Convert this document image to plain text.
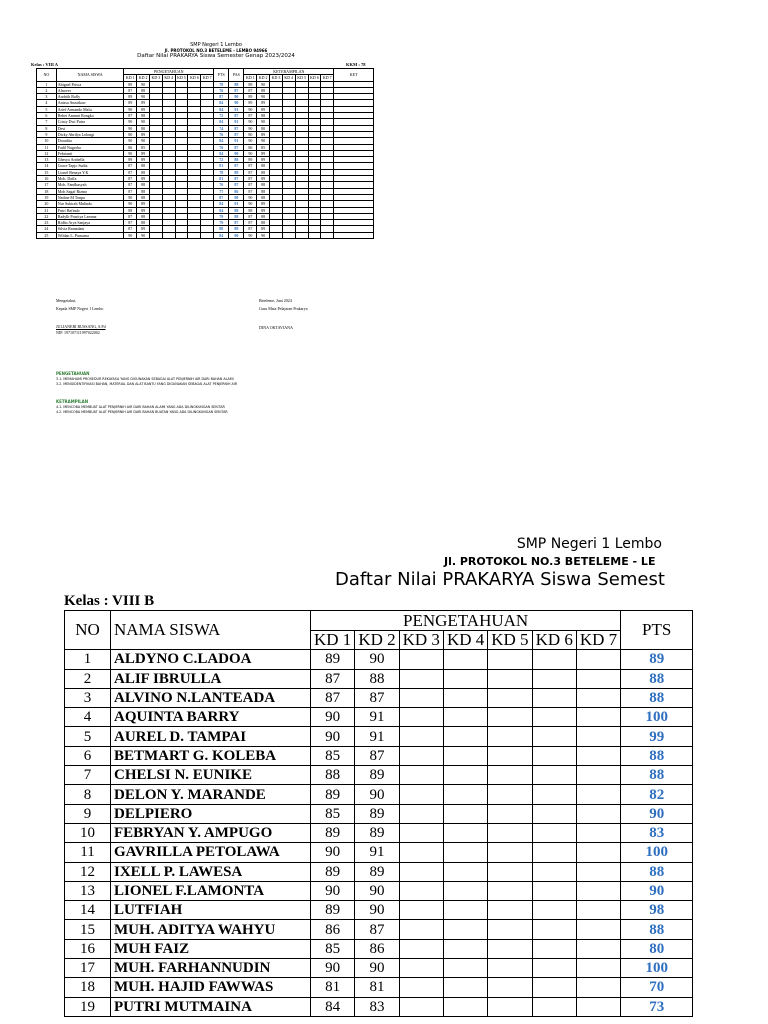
SMP Negeri 1 Lembo
Jl. PROTOKOL NO.3 BETELEME - LEMBO 94966
Daftar Nilai PRAKARYA Siswa Semester Genap 2023/2024
Kelas : VIII A	KKM : 78
NO	NAMA SISWA	PENGETAHUAN							PTS	PAS	KETERAMPILAN							KET
		KD 1	KD 2	KD 3	KD 4	KD 5	KD 6	KD 7			KD 1	KD 2	KD 3	KD 4	KD 5	KD 6	KD 7	
1	Abigael Prisca	89	90						78	88	89	90						
2	Alnover	87	88						76	87	87	88						
3	Andriih Rafly	89	90						87	90	89	90						
4	Anissa Anzaikaw	89	89						84	90	89	89						
5	Arief Armando Malu	90	89						84	91	90	89						
6	Bebet Ammni Rongko	87	88						72	87	87	88						
7	Cristy Dwi Putra	90	90						84	91	90	90						
8	Desi	90	80						74	87	90	80						
9	Dicky Abrilya Lolongi	80	89						76	87	80	89						
10	Doradita	90	90						84	91	90	90						
11	Fadil Nugroho	86	85						76	87	86	85						
12	Febrianti	90	89						84	90	90	89						
13	Ghesya Arabella	89	89						72	88	89	89						
14	Grace Tapjo Sudia	87	88						81	87	87	88						
15	Lionel Benaya Y.K	87	88						78	89	87	88						
16	Moh. Daffa	87	89						81	87	87	89						
17	Moh. Fandhasyah	87	88						76	87	87	88						
18	Moh Sagaf Rizmo	87	88						77	86	87	88						
19	Nadine M Tonpa	90	88						87	90	90	88						
20	Nur Sukirah Mulindo	90	89						84	91	90	89						
21	Putri Hafindo	88	89						84	88	88	89						
22	Radylh Prastiya Lamma	87	88						79	88	87	88						
23	Ridho Arya Sanjaya	87	88						79	87	87	88						
24	Silvia Ramadani	87	89						88	89	87	89						
25	Wildan L. Pumama	90	90						84	90	90	90						
Mengetahui,
Kepala SMP Negeri 1 Lembo
Beteleme, Juni 2024
Guru Mata Pelajaran Prakarya
JULIANERI RUSSANG, S.Pd
NIP. 197107111997022002
DINA OKTAVIANA
PENGETAHUAN
3.1. MEMAHAMI PROSEDUR REKAYASA YANG DIGUNAKAN SEBAGAI ALAT PENJERNIH AIR DARI BAHAN ALAMI
3.2. MENGIDENTIFIKASI BAHAN, MATERIAL DAN ALAT BANTU YANG DIGUNAKAN SEBAGAI ALAT PENJERNIH AIR
KETRAMPILAN
4.1. MENCOBA MEMBUAT ALAT PENJERNIH AIR DARI BAHAN ALAMI YANG ADA DILINGKUNGAN SEKITAR
4.2. MENCOBA MEMBUAT ALAT PENJERNIH AIR DARI BAHAN BUATAN YANG ADA DILINGKUNGAN SEKITAR
SMP Negeri 1 Lembo
Jl. PROTOKOL NO.3 BETELEME - LE
Daftar Nilai PRAKARYA Siswa Semest
Kelas : VIII B
NO	NAMA SISWA	PENGETAHUAN							PTS
		KD 1	KD 2	KD 3	KD 4	KD 5	KD 6	KD 7	
1	ALDYNO C.LADOA	89	90						89
2	ALIF IBRULLA	87	88						88
3	ALVINO N.LANTEADA	87	87						88
4	AQUINTA BARRY	90	91						100
5	AUREL D. TAMPAI	90	91						99
6	BETMART G. KOLEBA	85	87						88
7	CHELSI N. EUNIKE	88	89						88
8	DELON Y. MARANDE	89	90						82
9	DELPIERO	85	89						90
10	FEBRYAN Y. AMPUGO	89	89						83
11	GAVRILLA PETOLAWA	90	91						100
12	IXELL P. LAWESA	89	89						88
13	LIONEL F.LAMONTA	90	90						90
14	LUTFIAH	89	90						98
15	MUH. ADITYA WAHYU	86	87						88
16	MUH FAIZ	85	86						80
17	MUH. FARHANNUDIN	90	90						100
18	MUH. HAJID FAWWAS	81	81						70
19	PUTRI MUTMAINA	84	83						73
